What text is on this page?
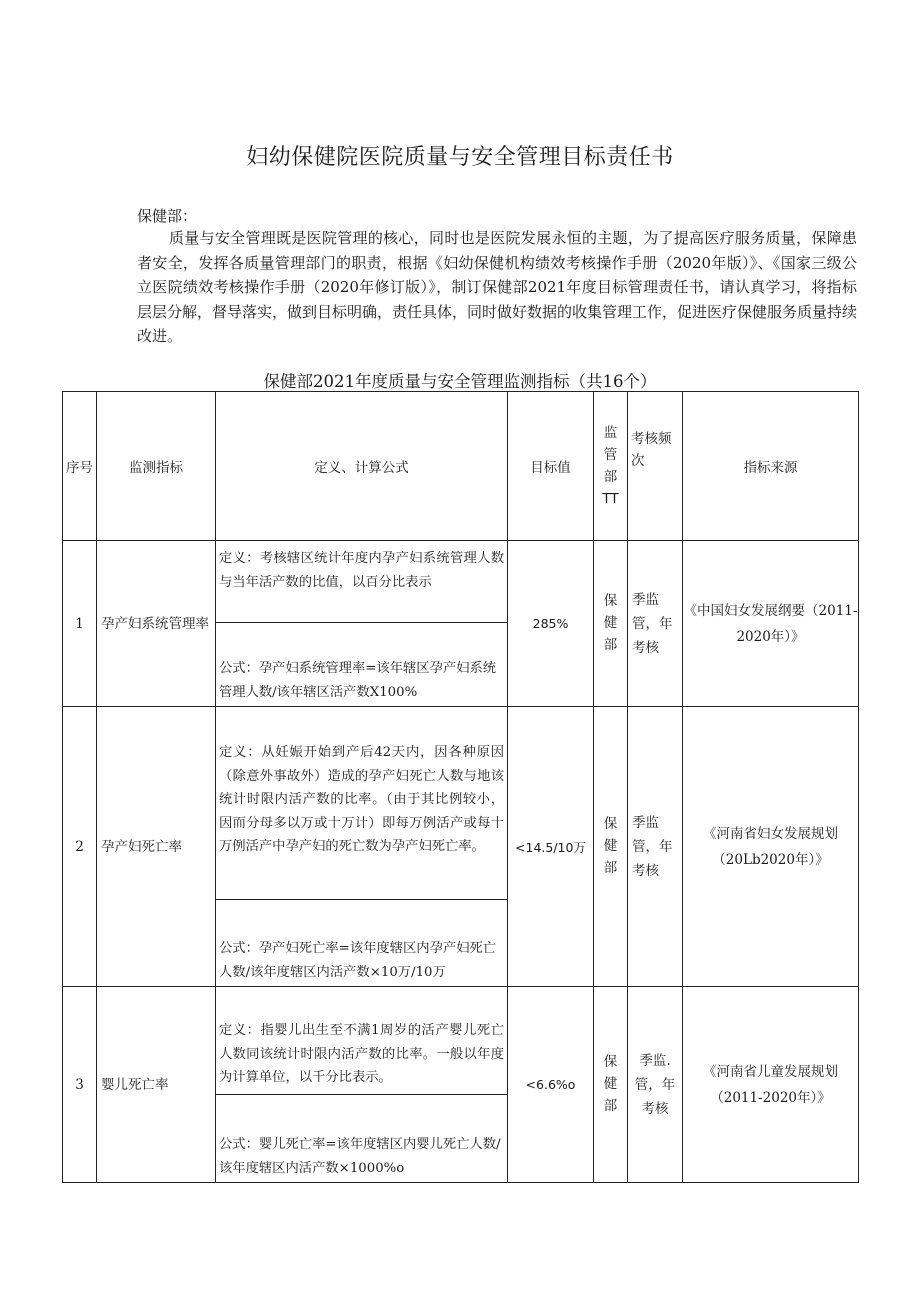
妇幼保健院医院质量与安全管理目标责任书
保健部：

质量与安全管理既是医院管理的核心，同时也是医院发展永恒的主题，为了提高医疗服务质量，保障患者安全，发挥各质量管理部门的职责，根据《妇幼保健机构绩效考核操作手册（2020年版）》、《国家三级公立医院绩效考核操作手册（2020年修订版）》，制订保健部2021年度目标管理责任书，请认真学习，将指标层层分解，督导落实，做到目标明确，责任具体，同时做好数据的收集管理工作，促进医疗保健服务质量持续改进。

保健部2021年度质量与安全管理监测指标（共16个）
序号	监测指标	定义、计算公式	目标值	监管部TT	考核频次	指标来源
1	孕产妇系统管理率	定义：考核辖区统计年度内孕产妇系统管理人数与当年活产数的比值，以百分比表示	285%	保健部	季监管，年考核	《中国妇女发展纲要（2011-2020年）》
		公式：孕产妇系统管理率=该年辖区孕产妇系统管理人数/该年辖区活产数X100%				
2	孕产妇死亡率	定义：从妊娠开始到产后42天内，因各种原因（除意外事故外）造成的孕产妇死亡人数与地该统计时限内活产数的比率。（由于其比例较小，因而分母多以万或十万计）即每万例活产或每十万例活产中孕产妇的死亡数为孕产妇死亡率。	<14.5/10万	保健部	季监管，年考核	《河南省妇女发展规划（20Lb2020年）》
		公式：孕产妇死亡率=该年度辖区内孕产妇死亡人数/该年度辖区内活产数×10万/10万				
3	婴儿死亡率	定义：指婴儿出生至不满1周岁的活产婴儿死亡人数同该统计时限内活产数的比率。一般以年度为计算单位，以千分比表示。	<6.6%o	保健部	季监.管，年考核	《河南省儿童发展规划（2011-2020年）》
		公式：婴儿死亡率=该年度辖区内婴儿死亡人数/该年度辖区内活产数×1000%o				
